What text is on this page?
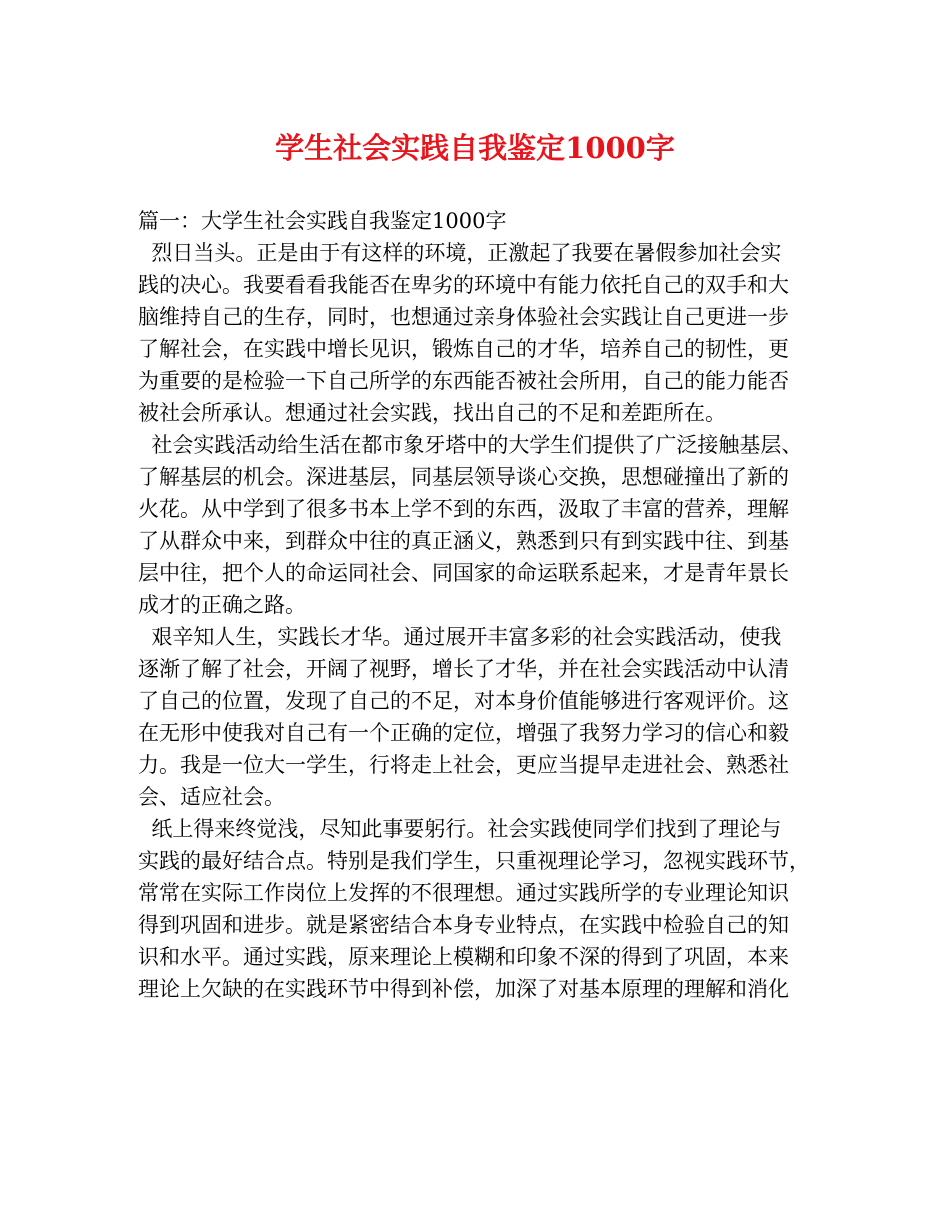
学生社会实践自我鉴定1000字
篇一：大学生社会实践自我鉴定1000字
烈日当头。正是由于有这样的环境，正激起了我要在暑假参加社会实
践的决心。我要看看我能否在卑劣的环境中有能力依托自己的双手和大
脑维持自己的生存，同时，也想通过亲身体验社会实践让自己更进一步
了解社会，在实践中增长见识，锻炼自己的才华，培养自己的韧性，更
为重要的是检验一下自己所学的东西能否被社会所用，自己的能力能否
被社会所承认。想通过社会实践，找出自己的不足和差距所在。
社会实践活动给生活在都市象牙塔中的大学生们提供了广泛接触基层、
了解基层的机会。深进基层，同基层领导谈心交换，思想碰撞出了新的
火花。从中学到了很多书本上学不到的东西，汲取了丰富的营养，理解
了从群众中来，到群众中往的真正涵义，熟悉到只有到实践中往、到基
层中往，把个人的命运同社会、同国家的命运联系起来，才是青年景长
成才的正确之路。
艰辛知人生，实践长才华。通过展开丰富多彩的社会实践活动，使我
逐渐了解了社会，开阔了视野，增长了才华，并在社会实践活动中认清
了自己的位置，发现了自己的不足，对本身价值能够进行客观评价。这
在无形中使我对自己有一个正确的定位，增强了我努力学习的信心和毅
力。我是一位大一学生，行将走上社会，更应当提早走进社会、熟悉社
会、适应社会。
纸上得来终觉浅，尽知此事要躬行。社会实践使同学们找到了理论与
实践的最好结合点。特别是我们学生，只重视理论学习，忽视实践环节，
常常在实际工作岗位上发挥的不很理想。通过实践所学的专业理论知识
得到巩固和进步。就是紧密结合本身专业特点，在实践中检验自己的知
识和水平。通过实践，原来理论上模糊和印象不深的得到了巩固，本来
理论上欠缺的在实践环节中得到补偿，加深了对基本原理的理解和消化
